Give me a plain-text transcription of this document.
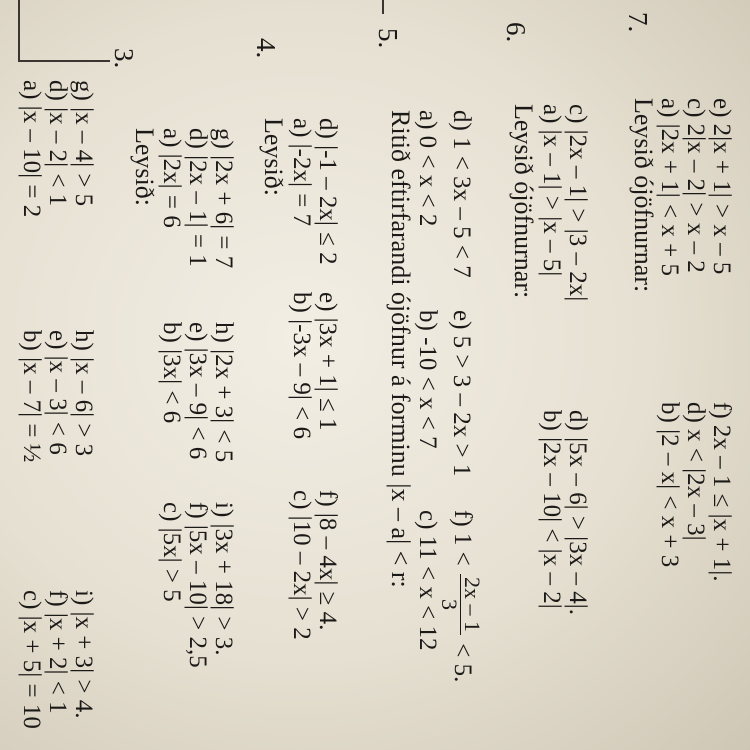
a) |x – 10| = 2
b) |x – 7| = ½
c) |x + 5| = 10
d) |x – 2| < 1
e) |x – 3| < 6
f) |x + 2| < 1
g) |x – 4| > 5
h) |x – 6| > 3
i) |x + 3| > 4.
3.
Leysið: a) |2x| = 6
b) |3x| < 6
c) |5x| > 5
d) |2x – 1| = 1
e) |3x – 9| < 6
f) |5x – 10| > 2,5
g) |2x + 6| = 7
h) |2x + 3| < 5
i) |3x + 18| > 3.
4.
Leysið: a) |-2x| = 7
b) |-3x – 9| < 6
c) |10 – 2x| > 2
d) |-1 – 2x| ≤ 2
e) |3x + 1| ≤ 1
f) |8 – 4x| ≥ 4.
5.
Ritið eftirfarandi ójöfnur á forminu |x – a| < r: a) 0 < x < 2
b) -10 < x < 7
c) 11 < x < 12
d) 1 < 3x – 5 < 7
e) 5 > 3 – 2x > 1
f) 1 <
2x – 1
3
< 5.
6.
Leysið ójöfnurnar: a) |x – 1| > |x – 5|
b) |2x – 10| < |x – 2|
c) |2x – 1| > |3 – 2x|
d) |5x – 6| > |3x – 4|.
7.
Leysið ójöfnurnar:
a) |2x + 1| < x + 5
b) |2 – x| < x + 3
c) 2|x – 2| > x – 2
d) x < |2x – 3|
e) 2|x + 1| > x – 5
f) 2x – 1 ≤ |x + 1|.
